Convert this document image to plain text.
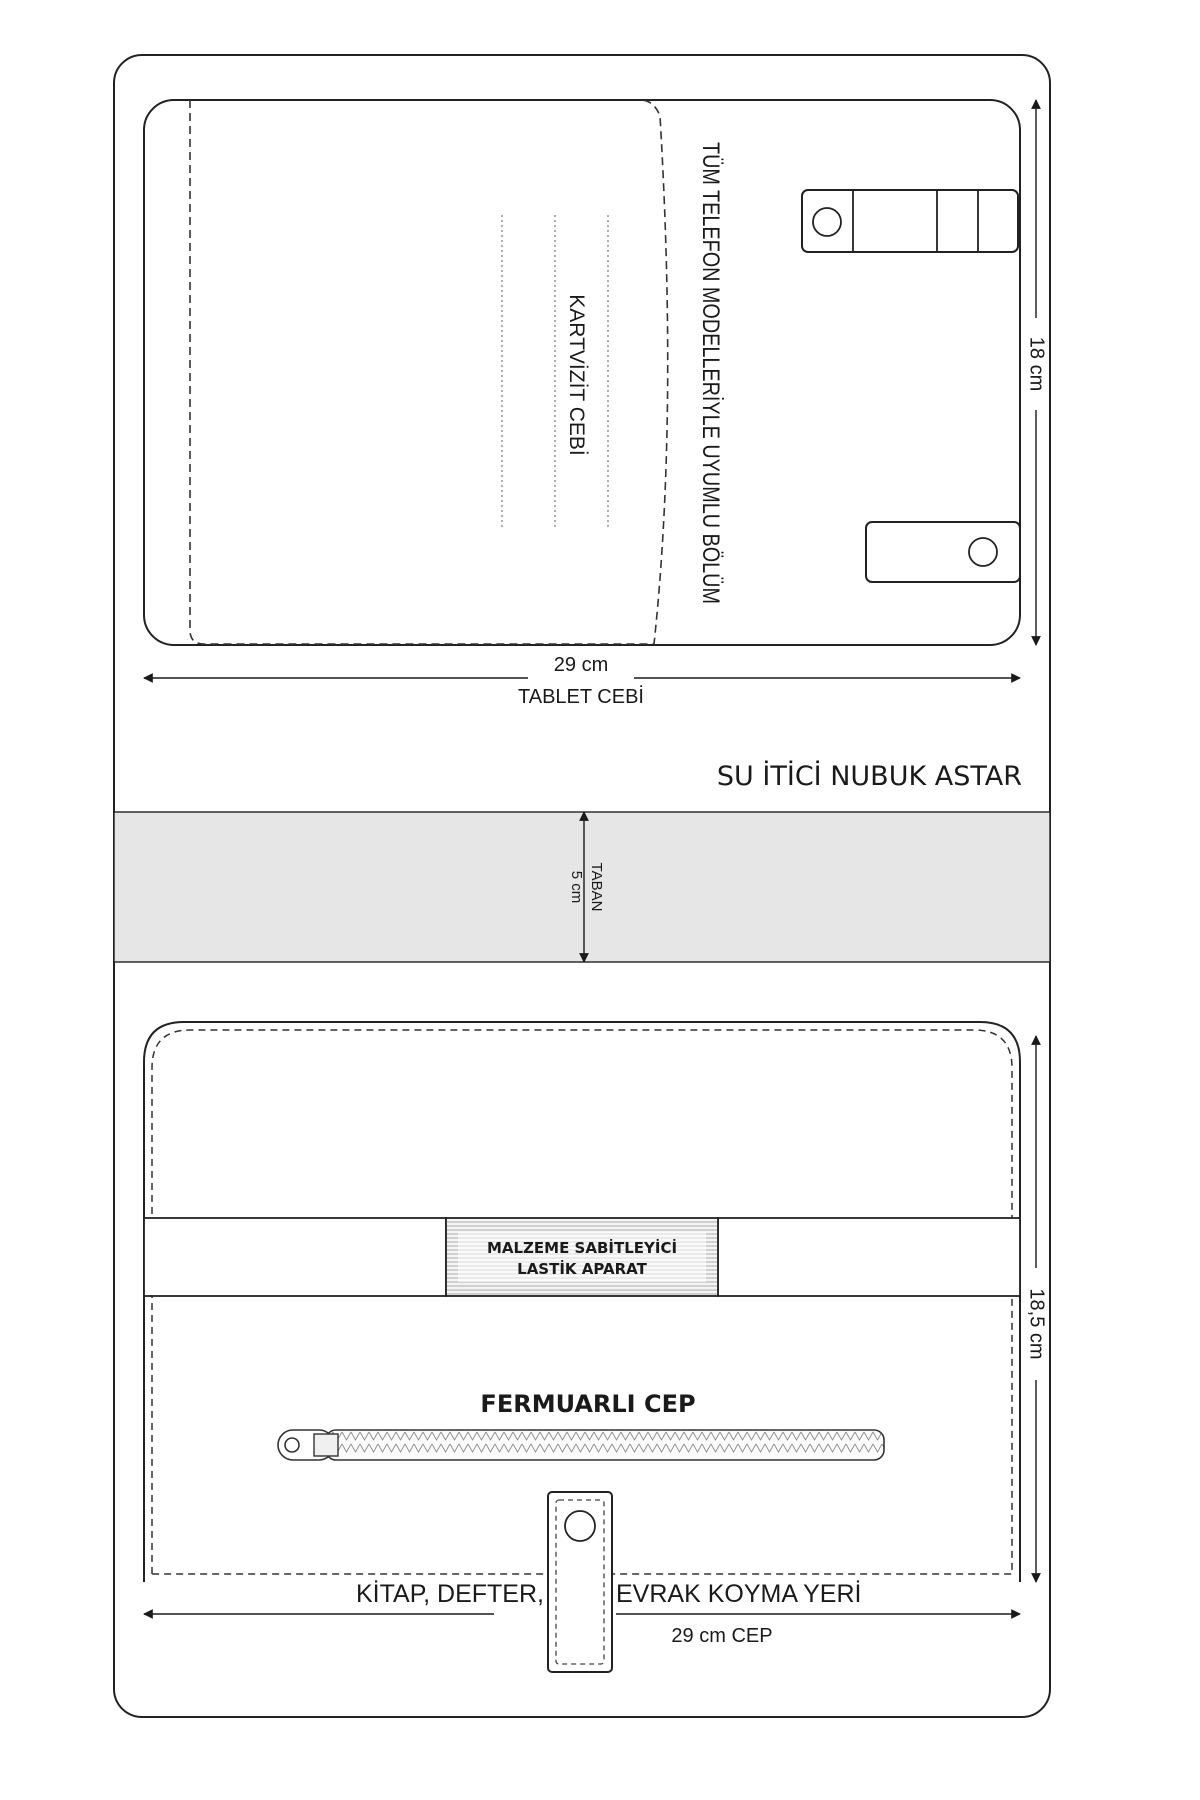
KARTVİZİT CEBİ	TÜM TELEFON MODELLERİYLE UYUMLU BÖLÜM	18 cm
29 cm
TABLET CEBİ
SU İTİCİ NUBUK ASTAR
TABAN
5 cm
MALZEME SABİTLEYİCİ
LASTİK APARAT
FERMUARLI CEP
KİTAP, DEFTER,	EVRAK KOYMA YERİ
29 cm CEP
18,5 cm
